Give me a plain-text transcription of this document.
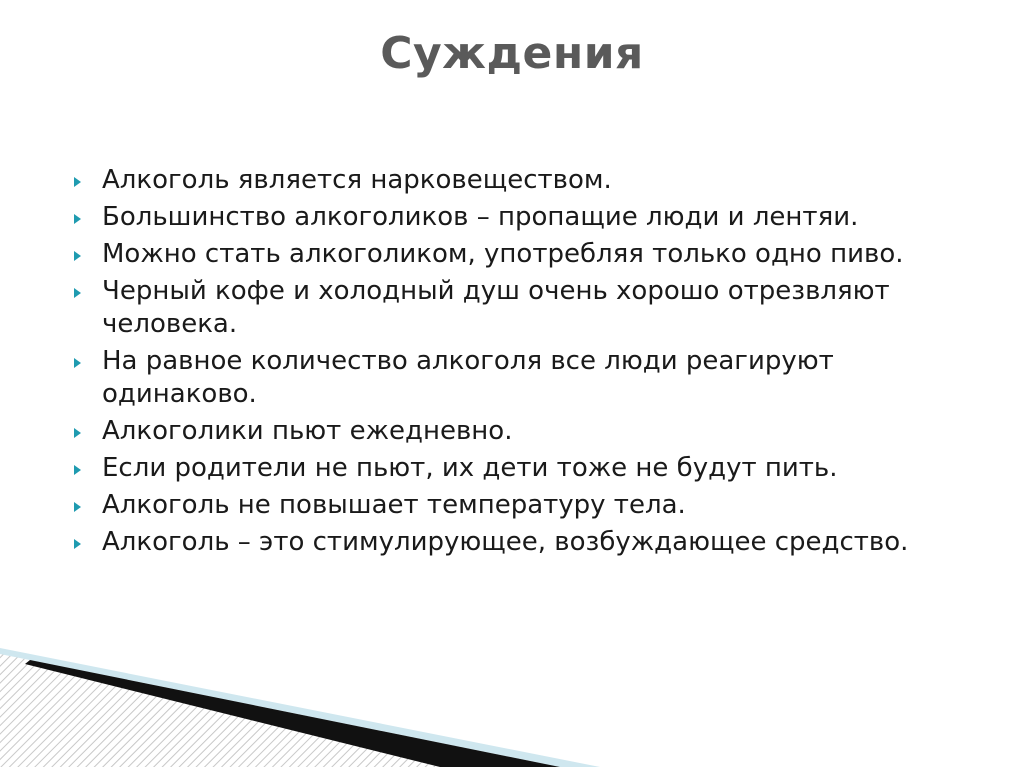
Суждения
Алкоголь является нарковеществом.
Большинство алкоголиков – пропащие люди и лентяи.
Можно стать алкоголиком, употребляя только одно пиво.
Черный кофе и холодный душ очень хорошо отрезвляют человека.
На равное количество алкоголя все люди реагируют одинаково.
Алкоголики пьют ежедневно.
Если родители не пьют, их дети тоже не будут пить.
Алкоголь не повышает температуру тела.
Алкоголь – это стимулирующее, возбуждающее средство.
